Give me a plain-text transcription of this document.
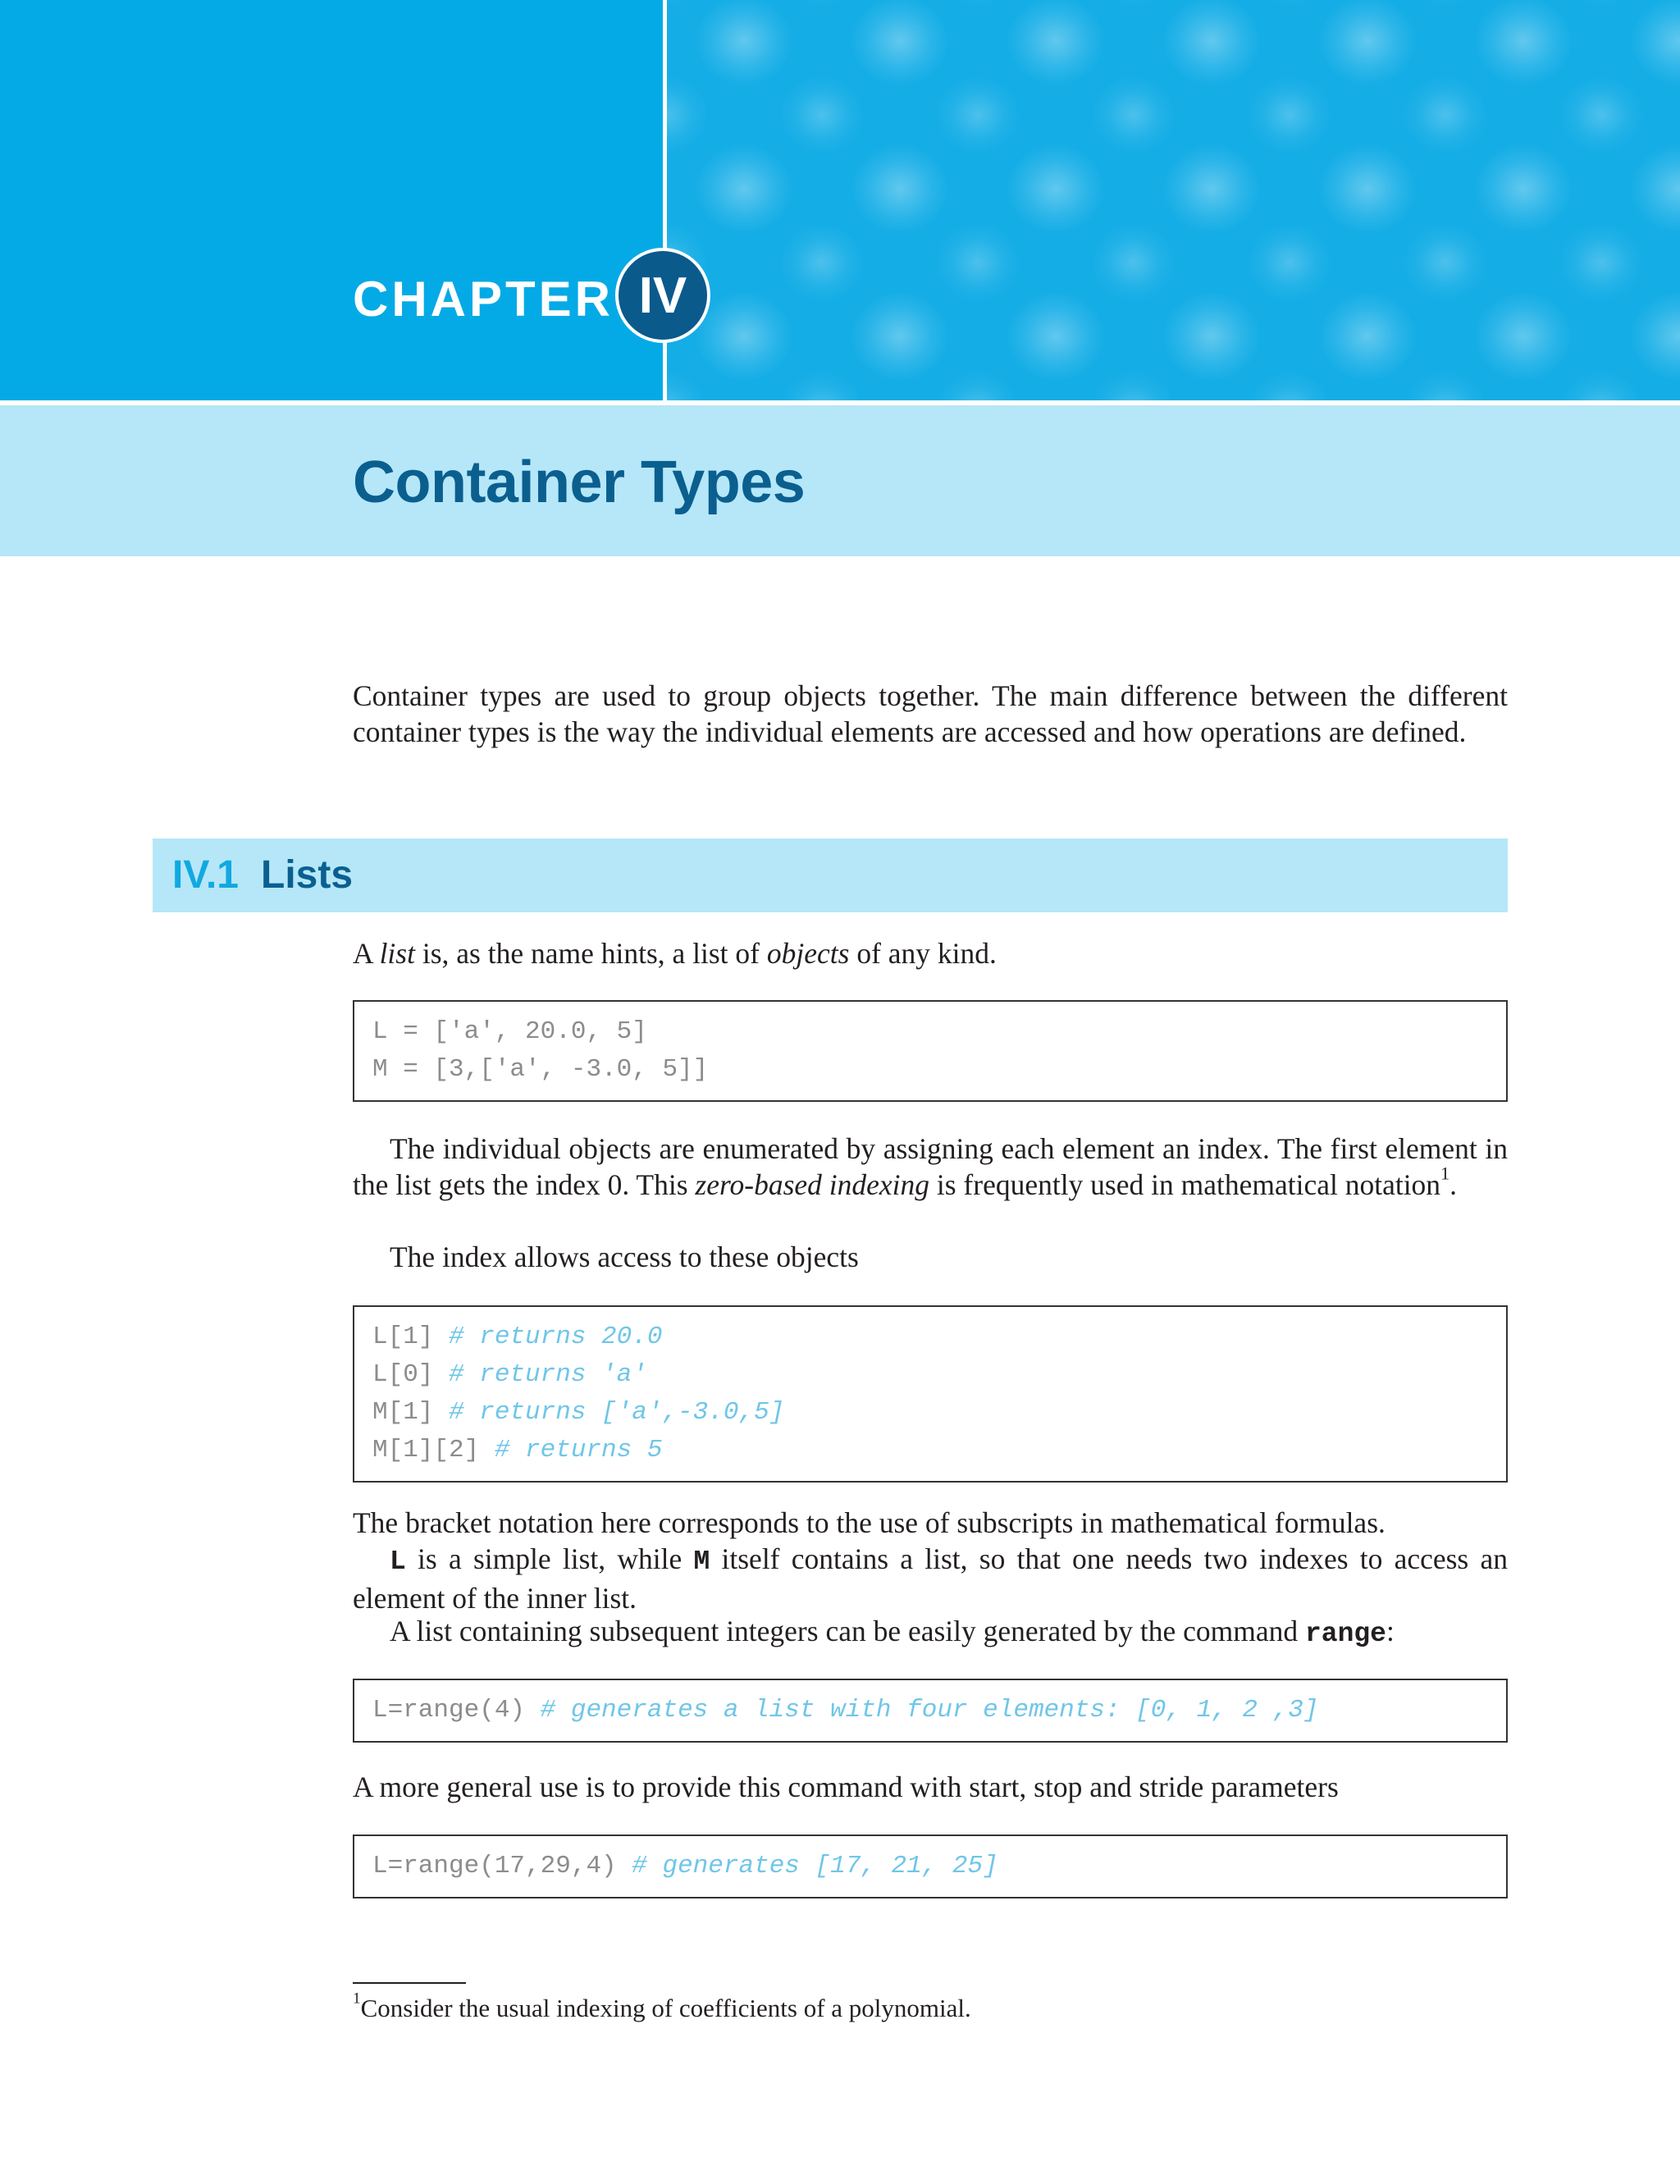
CHAPTER IV
Container Types

Container types are used to group objects together. The main difference between the different container types is the way the individual elements are accessed and how operations are defined.

IV.1 Lists

A list is, as the name hints, a list of objects of any kind.

L = ['a', 20.0, 5]
M = [3,['a', -3.0, 5]]

The individual objects are enumerated by assigning each element an index. The first element in the list gets the index 0. This zero-based indexing is frequently used in mathematical notation$^1$.

The index allows access to these objects

L[1] # returns 20.0
L[0] # returns 'a'
M[1] # returns ['a',-3.0,5]
M[1][2] # returns 5

The bracket notation here corresponds to the use of subscripts in mathematical formulas.

L is a simple list, while M itself contains a list, so that one needs two indexes to access an element of the inner list.

A list containing subsequent integers can be easily generated by the command range:

L=range(4) # generates a list with four elements: [0, 1, 2 ,3]

A more general use is to provide this command with start, stop and stride parameters

L=range(17,29,4) # generates [17, 21, 25]

$^1$Consider the usual indexing of coefficients of a polynomial.
